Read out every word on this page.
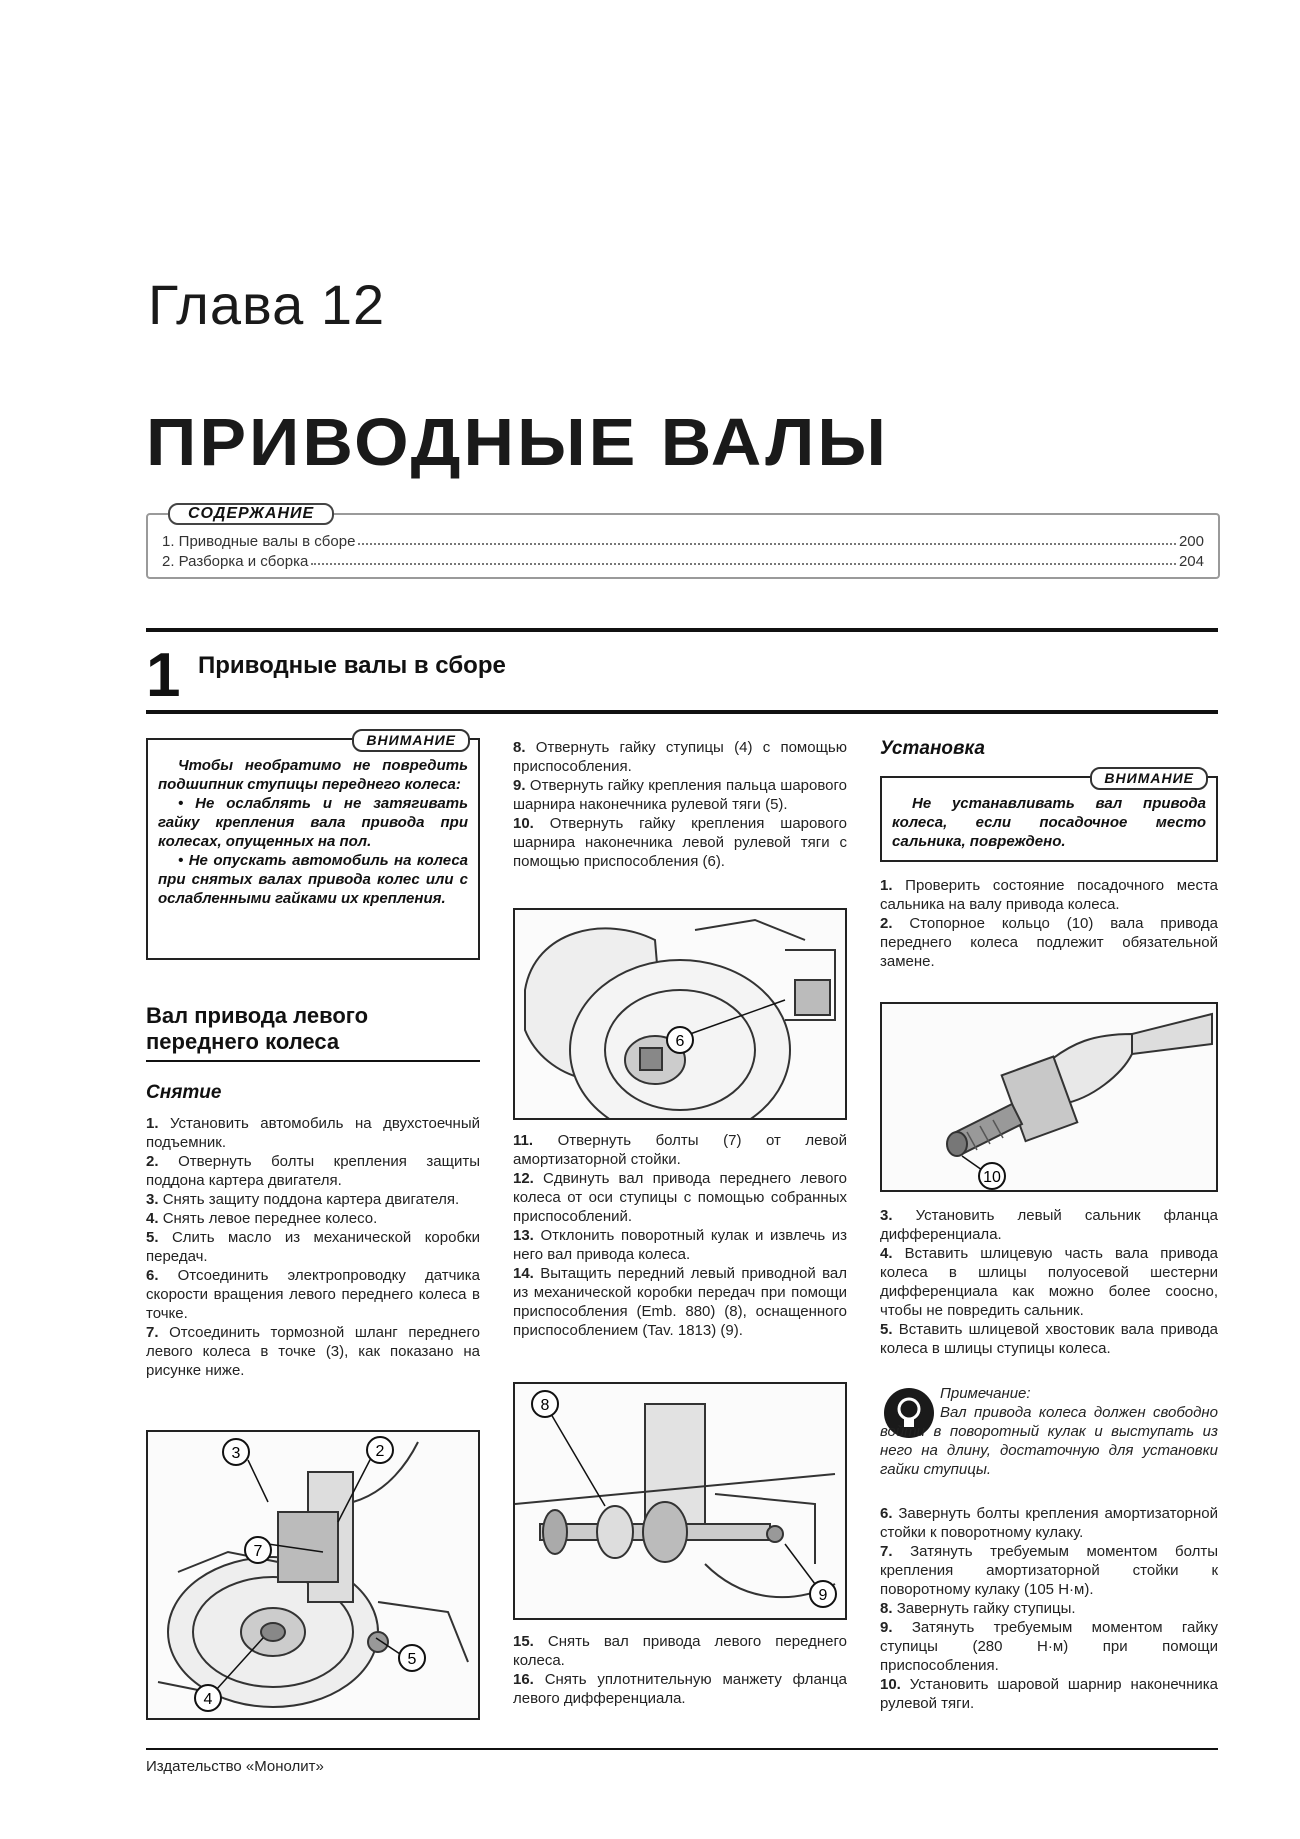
Глава 12
ПРИВОДНЫЕ ВАЛЫ
СОДЕРЖАНИЕ
1. Приводные валы в сборе	200
2. Разборка и сборка	204
1 Приводные валы в сборе
ВНИМАНИЕ

Чтобы необратимо не повредить подшипник ступицы переднего колеса:

• Не ослаблять и не затягивать гайку крепления вала привода при колесах, опущенных на пол.

• Не опускать автомобиль на колеса при снятых валах привода колес или с ослабленными гайками их крепления.

Вал привода левого переднего колеса
Снятие

1. Установить автомобиль на двухстоечный подъемник.

2. Отвернуть болты крепления защиты поддона картера двигателя.

3. Снять защиту поддона картера двигателя.

4. Снять левое переднее колесо.

5. Слить масло из механической коробки передач.

6. Отсоединить электропроводку датчика скорости вращения левого переднего колеса в точке.

7. Отсоединить тормозной шланг переднего левого колеса в точке (3), как показано на рисунке ниже.

3	2
7
5
4

8. Отвернуть гайку ступицы (4) с помощью приспособления.

9. Отвернуть гайку крепления пальца шарового шарнира наконечника рулевой тяги (5).

10. Отвернуть гайку крепления шарового шарнира наконечника левой рулевой тяги с помощью приспособления (6).

6

11. Отвернуть болты (7) от левой амортизаторной стойки.

12. Сдвинуть вал привода переднего левого колеса от оси ступицы с помощью собранных приспособлений.

13. Отклонить поворотный кулак и извлечь из него вал привода колеса.

14. Вытащить передний левый приводной вал из механической коробки передач при помощи приспособления (Emb. 880) (8), оснащенного приспособлением (Tav. 1813) (9).

8
9

15. Снять вал привода левого переднего колеса.

16. Снять уплотнительную манжету фланца левого дифференциала.

Установка
ВНИМАНИЕ

Не устанавливать вал привода колеса, если посадочное место сальника, повреждено.

1. Проверить состояние посадочного места сальника на валу привода колеса.

2. Стопорное кольцо (10) вала привода переднего колеса подлежит обязательной замене.

10

3. Установить левый сальник фланца дифференциала.

4. Вставить шлицевую часть вала привода колеса в шлицы полуосевой шестерни дифференциала как можно более соосно, чтобы не повредить сальник.

5. Вставить шлицевой хвостовик вала привода колеса в шлицы ступицы колеса.

Примечание:
Вал привода колеса должен свободно войти в поворотный кулак и выступать из него на длину, достаточную для установки гайки ступицы.

6. Завернуть болты крепления амортизаторной стойки к поворотному кулаку.

7. Затянуть требуемым моментом болты крепления амортизаторной стойки к поворотному кулаку (105 Н·м).

8. Завернуть гайку ступицы.

9. Затянуть требуемым моментом гайку ступицы (280 Н·м) при помощи приспособления.

10. Установить шаровой шарнир наконечника рулевой тяги.

Издательство «Монолит»
